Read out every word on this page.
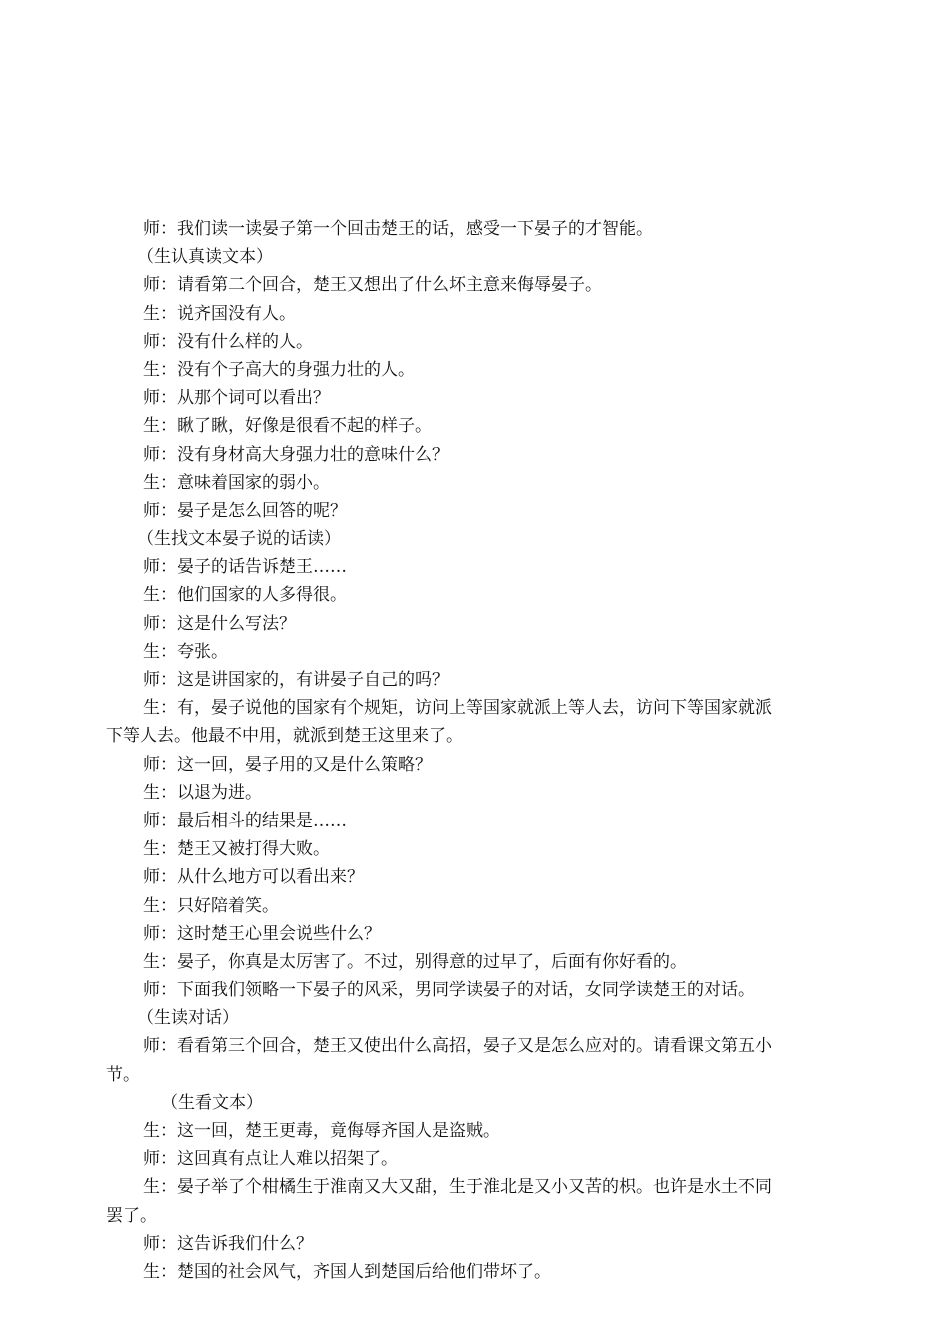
师：我们读一读晏子第一个回击楚王的话，感受一下晏子的才智能。
（生认真读文本）
师：请看第二个回合，楚王又想出了什么坏主意来侮辱晏子。
生：说齐国没有人。
师：没有什么样的人。
生：没有个子高大的身强力壮的人。
师：从那个词可以看出？
生：瞅了瞅，好像是很看不起的样子。
师：没有身材高大身强力壮的意味什么？
生：意味着国家的弱小。
师：晏子是怎么回答的呢？
（生找文本晏子说的话读）
师：晏子的话告诉楚王……
生：他们国家的人多得很。
师：这是什么写法？
生：夸张。
师：这是讲国家的，有讲晏子自己的吗？
生：有，晏子说他的国家有个规矩，访问上等国家就派上等人去，访问下等国家就派
下等人去。他最不中用，就派到楚王这里来了。
师：这一回，晏子用的又是什么策略？
生：以退为进。
师：最后相斗的结果是……
生：楚王又被打得大败。
师：从什么地方可以看出来？
生：只好陪着笑。
师：这时楚王心里会说些什么？
生：晏子，你真是太厉害了。不过，别得意的过早了，后面有你好看的。
师：下面我们领略一下晏子的风采，男同学读晏子的对话，女同学读楚王的对话。
（生读对话）
师：看看第三个回合，楚王又使出什么高招，晏子又是怎么应对的。请看课文第五小
节。
（生看文本）
生：这一回，楚王更毒，竟侮辱齐国人是盗贼。
师：这回真有点让人难以招架了。
生：晏子举了个柑橘生于淮南又大又甜，生于淮北是又小又苦的枳。也许是水土不同
罢了。
师：这告诉我们什么？
生：楚国的社会风气，齐国人到楚国后给他们带坏了。
